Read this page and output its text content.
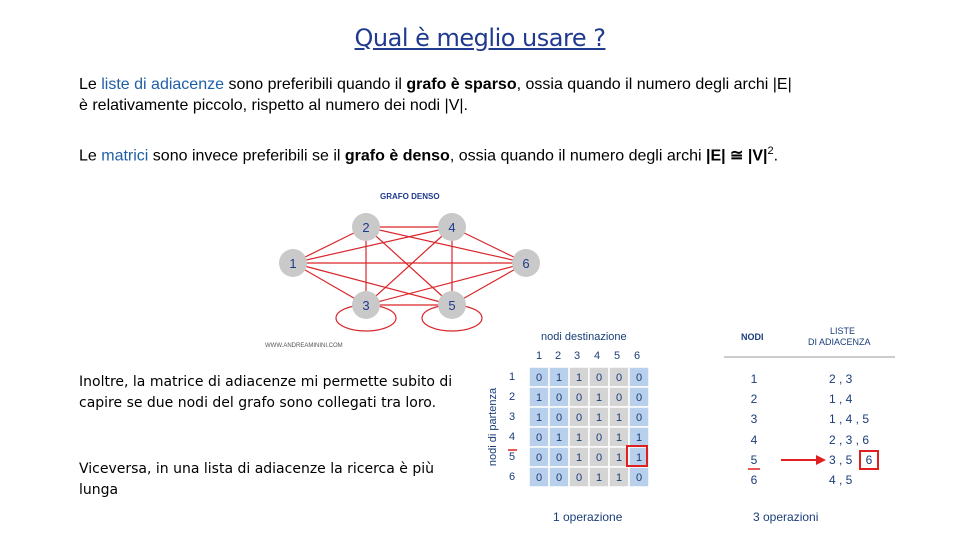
Qual è meglio usare ?
Le liste di adiacenze sono preferibili quando il grafo è sparso, ossia quando il numero degli archi |E|
è relativamente piccolo, rispetto al numero dei nodi |V|.
Le matrici sono invece preferibili se il grafo è denso, ossia quando il numero degli archi |E| ≅ $|V|^2$.
Inoltre, la matrice di adiacenze mi permette subito di capire se due nodi del grafo sono collegati tra loro.
Viceversa, in una lista di adiacenze la ricerca è più lunga
GRAFO DENSO
1
2
3
4
5
6
WWW.ANDREAMININI.COM
nodi destinazione
1 2 3 4 5 6
nodi di partenza
1
2
3
4
5
6
0 1 1 0 0 0
1 0 0 1 0 0
1 0 0 1 1 0
0 1 1 0 1 1
0 0 1 0 1 1
0 0 0 1 1 0
1 operazione
NODI
LISTE
DI ADIACENZA
1
2
3
4
5
6
2 , 3
1 , 4
1 , 4 , 5
2 , 3 , 6
3 , 5
4 , 5
6
3 operazioni
